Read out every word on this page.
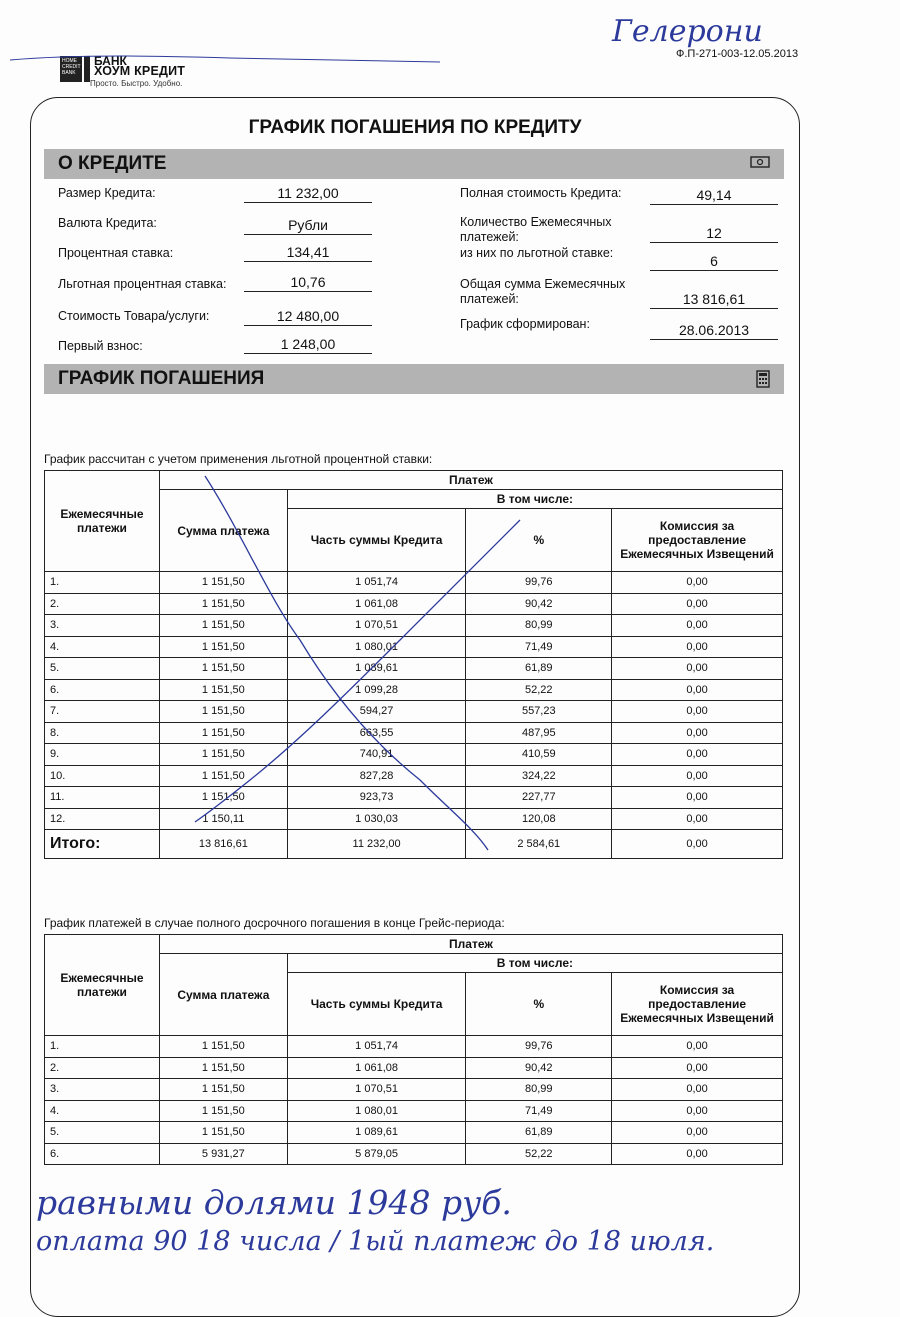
Ф.П-271-003-12.05.2013
HOME CREDIT BANK
БАНК
ХОУМ КРЕДИТ
Просто. Быстро. Удобно.
ГРАФИК ПОГАШЕНИЯ ПО КРЕДИТУ
О КРЕДИТЕ
Размер Кредита:	11 232,00
Валюта Кредита:	Рубли
Процентная ставка:	134,41
Льготная процентная ставка:	10,76
Стоимость Товара/услуги:	12 480,00
Первый взнос:	1 248,00
Полная стоимость Кредита:	49,14
Количество Ежемесячных
платежей:	12
из них по льготной ставке:	6
Общая сумма Ежемесячных
платежей:	13 816,61
График сформирован:	28.06.2013
ГРАФИК ПОГАШЕНИЯ
График рассчитан с учетом применения льготной процентной ставки:
Ежемесячные платежи	Платеж			
	Сумма платежа	В том числе:		
		Часть суммы Кредита	%	Комиссия за предоставление Ежемесячных Извещений
1.	1 151,50	1 051,74	99,76	0,00
2.	1 151,50	1 061,08	90,42	0,00
3.	1 151,50	1 070,51	80,99	0,00
4.	1 151,50	1 080,01	71,49	0,00
5.	1 151,50	1 089,61	61,89	0,00
6.	1 151,50	1 099,28	52,22	0,00
7.	1 151,50	594,27	557,23	0,00
8.	1 151,50	663,55	487,95	0,00
9.	1 151,50	740,91	410,59	0,00
10.	1 151,50	827,28	324,22	0,00
11.	1 151,50	923,73	227,77	0,00
12.	1 150,11	1 030,03	120,08	0,00
Итого:	13 816,61	11 232,00	2 584,61	0,00
График платежей в случае полного досрочного погашения в конце Грейс-периода:
Ежемесячные платежи	Платеж			
	Сумма платежа	В том числе:		
		Часть суммы Кредита	%	Комиссия за предоставление Ежемесячных Извещений
1.	1 151,50	1 051,74	99,76	0,00
2.	1 151,50	1 061,08	90,42	0,00
3.	1 151,50	1 070,51	80,99	0,00
4.	1 151,50	1 080,01	71,49	0,00
5.	1 151,50	1 089,61	61,89	0,00
6.	5 931,27	5 879,05	52,22	0,00
Гелерони
равными долями 1948 руб.
оплата 90 18 числа / 1ый платеж до 18 июля.
